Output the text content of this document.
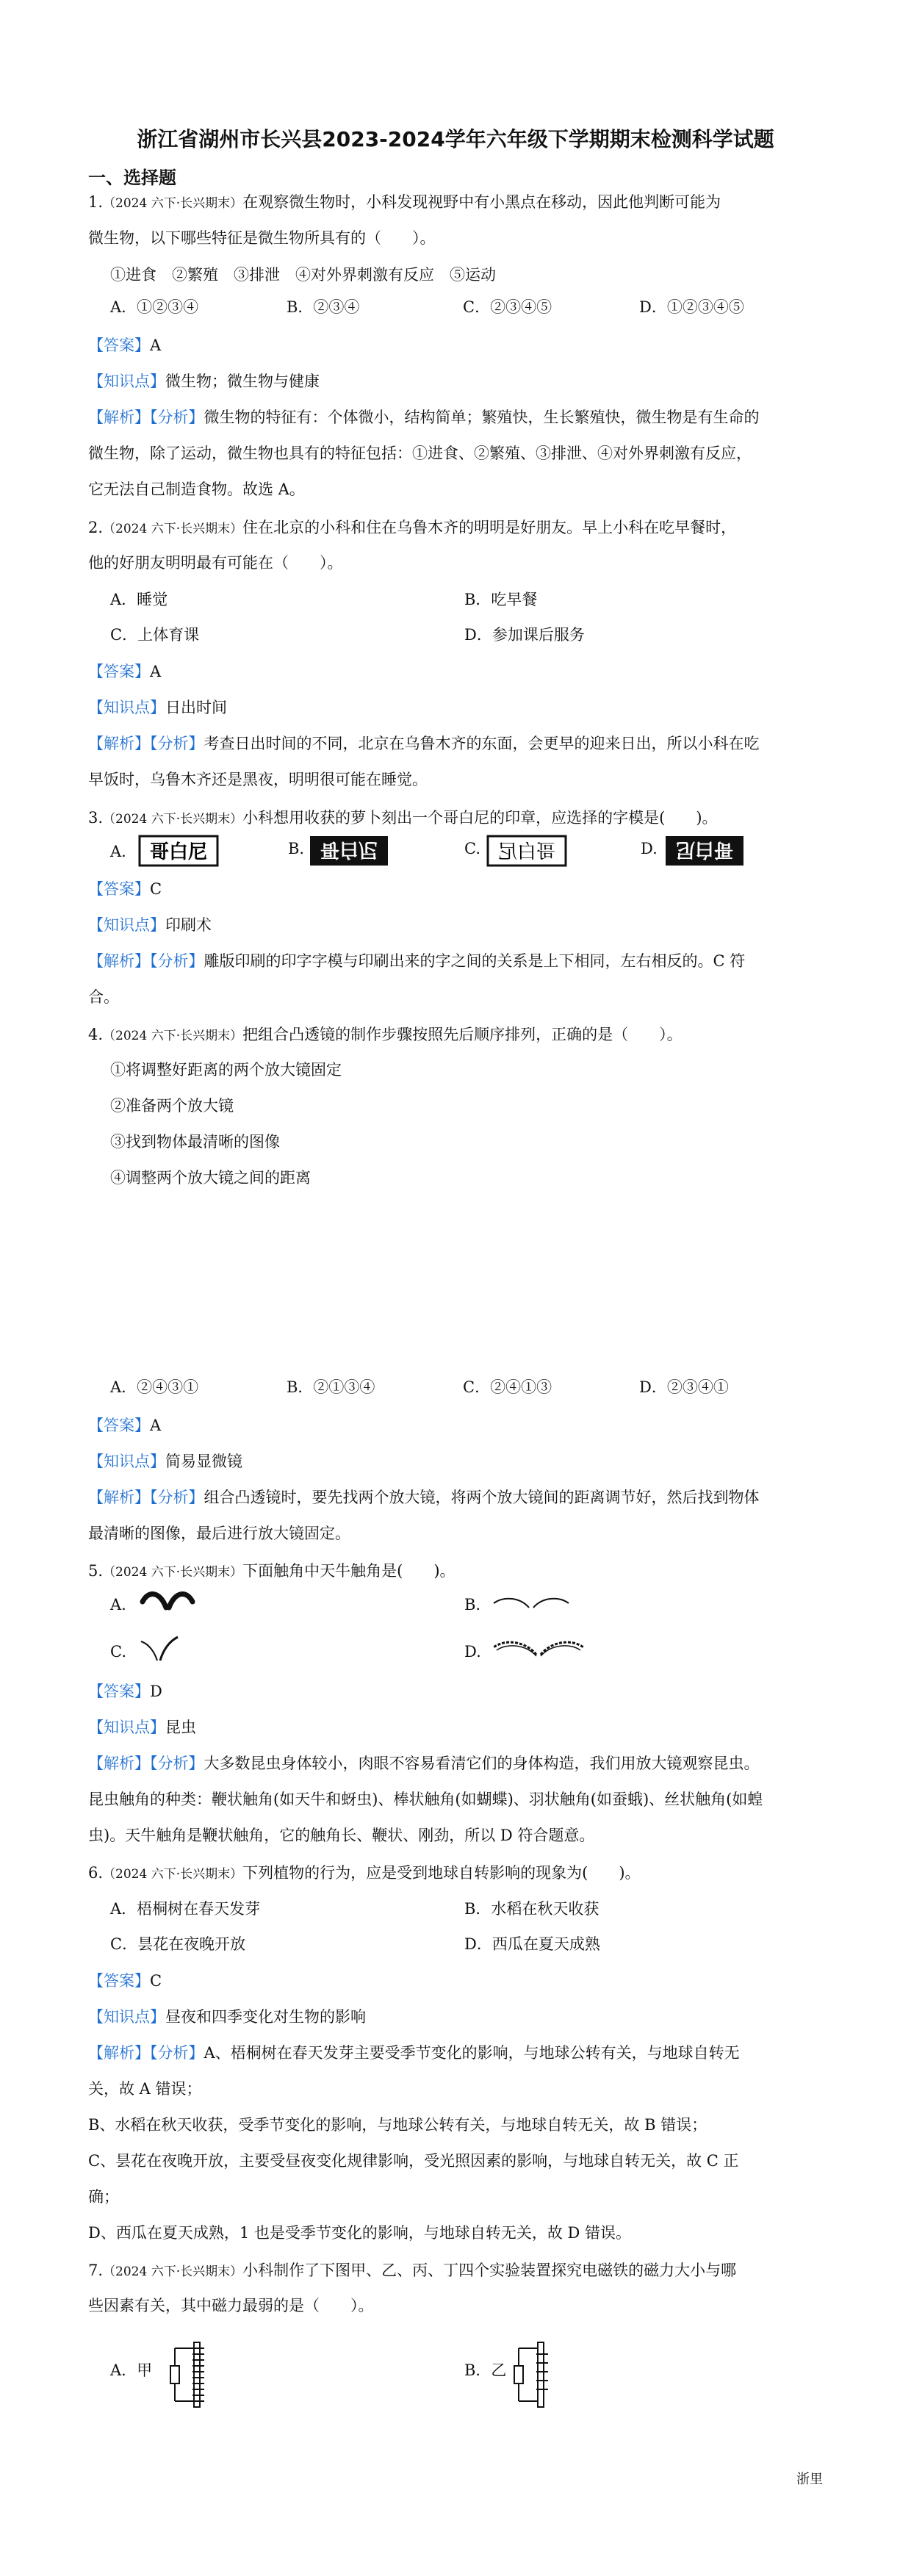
浙江省湖州市长兴县2023-2024学年六年级下学期期末检测科学试题
一、选择题
1.（2024 六下·长兴期末）在观察微生物时，小科发现视野中有小黑点在移动，因此他判断可能为
微生物，以下哪些特征是微生物所具有的（　　）。
①进食　②繁殖　③排泄　④对外界刺激有反应　⑤运动
A．①②③④	B．②③④	C．②③④⑤	D．①②③④⑤
【答案】A
【知识点】微生物；微生物与健康
【解析】【分析】微生物的特征有：个体微小，结构简单；繁殖快，生长繁殖快，微生物是有生命的
微生物，除了运动，微生物也具有的特征包括：①进食、②繁殖、③排泄、④对外界刺激有反应，
它无法自己制造食物。故选 A。
2.（2024 六下·长兴期末）住在北京的小科和住在乌鲁木齐的明明是好朋友。早上小科在吃早餐时，
他的好朋友明明最有可能在（　　）。
A．睡觉	B．吃早餐
C．上体育课	D．参加课后服务
【答案】A
【知识点】日出时间
【解析】【分析】考查日出时间的不同，北京在乌鲁木齐的东面，会更早的迎来日出，所以小科在吃
早饭时，乌鲁木齐还是黑夜，明明很可能在睡觉。
3.（2024 六下·长兴期末）小科想用收获的萝卜刻出一个哥白尼的印章，应选择的字模是(　　)。
A. 哥白尼	B. 哥白尼	C. 哥白尼	D. 哥白尼
【答案】C
【知识点】印刷术
【解析】【分析】雕版印刷的印字字模与印刷出来的字之间的关系是上下相同，左右相反的。C 符
合。
4.（2024 六下·长兴期末）把组合凸透镜的制作步骤按照先后顺序排列，正确的是（　　）。
①将调整好距离的两个放大镜固定
②准备两个放大镜
③找到物体最清晰的图像
④调整两个放大镜之间的距离
A．②④③①	B．②①③④	C．②④①③	D．②③④①
【答案】A
【知识点】简易显微镜
【解析】【分析】组合凸透镜时，要先找两个放大镜，将两个放大镜间的距离调节好，然后找到物体
最清晰的图像，最后进行放大镜固定。
5.（2024 六下·长兴期末）下面触角中天牛触角是(　　)。
A.	B.
C.	D.
【答案】D
【知识点】昆虫
【解析】【分析】大多数昆虫身体较小，肉眼不容易看清它们的身体构造，我们用放大镜观察昆虫。
昆虫触角的种类：鞭状触角(如天牛和蚜虫)、棒状触角(如蝴蝶)、羽状触角(如蚕蛾)、丝状触角(如蝗
虫)。天牛触角是鞭状触角，它的触角长、鞭状、刚劲，所以 D 符合题意。
6.（2024 六下·长兴期末）下列植物的行为，应是受到地球自转影响的现象为(　　)。
A．梧桐树在春天发芽	B．水稻在秋天收获
C．昙花在夜晚开放	D．西瓜在夏天成熟
【答案】C
【知识点】昼夜和四季变化对生物的影响
【解析】【分析】A、梧桐树在春天发芽主要受季节变化的影响，与地球公转有关，与地球自转无
关，故 A 错误；
B、水稻在秋天收获，受季节变化的影响，与地球公转有关，与地球自转无关，故 B 错误；
C、昙花在夜晚开放，主要受昼夜变化规律影响，受光照因素的影响，与地球自转无关，故 C 正
确；
D、西瓜在夏天成熟，1 也是受季节变化的影响，与地球自转无关，故 D 错误。
7.（2024 六下·长兴期末）小科制作了下图甲、乙、丙、丁四个实验装置探究电磁铁的磁力大小与哪
些因素有关，其中磁力最弱的是（　　）。
A．甲	B．乙
浙里
